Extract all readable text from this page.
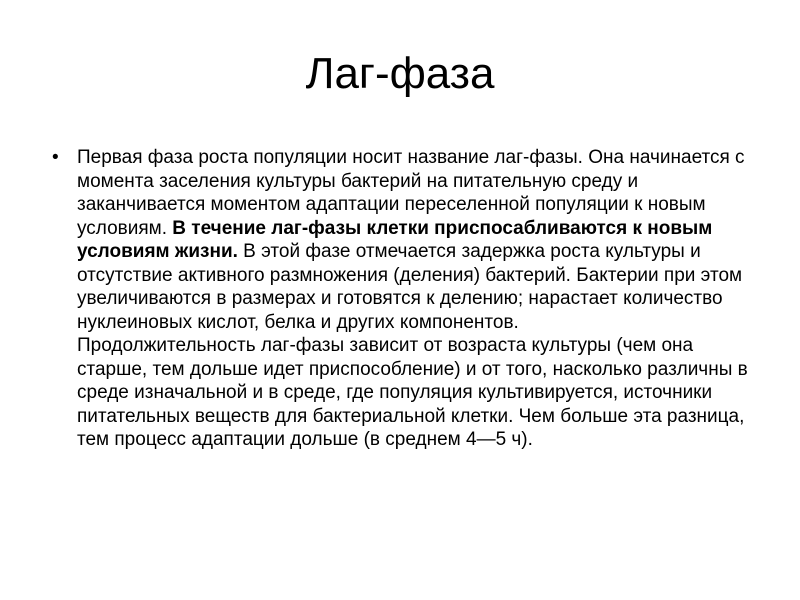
Лаг-фаза
• Первая фаза роста популяции носит название лаг-фазы. Она начинается с момента заселения культуры бактерий на питательную среду и заканчивается моментом адаптации переселенной популяции к новым условиям. В течение лаг-фазы клетки приспосабливаются к новым условиям жизни. В этой фазе отмечается задержка роста культуры и отсутствие активного размножения (деления) бактерий. Бактерии при этом увеличиваются в размерах и готовятся к делению; нарастает количество нуклеиновых кислот, белка и других компонентов.
Продолжительность лаг-фазы зависит от возраста культуры (чем она старше, тем дольше идет приспособление) и от того, насколько различны в среде изначальной и в среде, где популяция культивируется, источники питательных веществ для бактериальной клетки. Чем больше эта разница, тем процесс адаптации дольше (в среднем 4—5 ч).
